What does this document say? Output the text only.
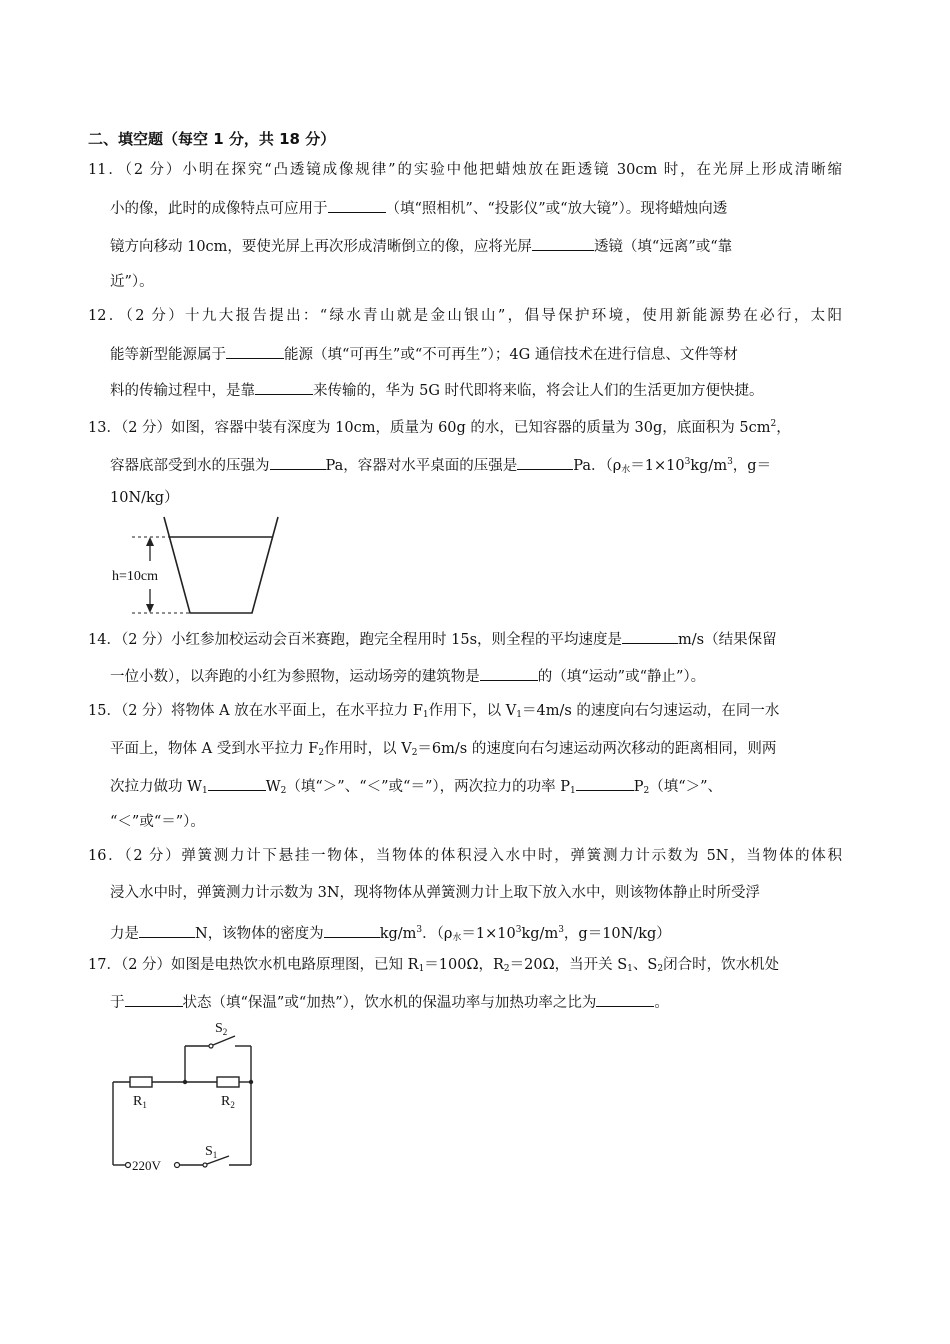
二、填空题（每空 1 分，共 18 分）
11．（2 分）小明在探究“凸透镜成像规律”的实验中他把蜡烛放在距透镜 30cm 时，在光屏上形成清晰缩
小的像，此时的成像特点可应用于	（填“照相机”、“投影仪”或“放大镜”）。现将蜡烛向透
镜方向移动 10cm，要使光屏上再次形成清晰倒立的像，应将光屏	透镜（填“远离”或“靠
近”）。
12．（2 分）十九大报告提出：“绿水青山就是金山银山”，倡导保护环境，使用新能源势在必行，太阳
能等新型能源属于	能源（填“可再生”或“不可再生”）；4G 通信技术在进行信息、文件等材
料的传输过程中，是靠	来传输的，华为 5G 时代即将来临，将会让人们的生活更加方便快捷。
13．（2 分）如图，容器中装有深度为 10cm，质量为 60g 的水，已知容器的质量为 30g，底面积为 $5cm^2$，
容器底部受到水的压强为	Pa，容器对水平桌面的压强是	Pa．（$\rho_水=1\times 10^3kg/m^3$，g＝
10N/kg）
h=10cm
14．（2 分）小红参加校运动会百米赛跑，跑完全程用时 15s，则全程的平均速度是	m/s（结果保留
一位小数），以奔跑的小红为参照物，运动场旁的建筑物是	的（填“运动”或“静止”）。
15．（2 分）将物体 A 放在水平面上，在水平拉力 $F_1$作用下，以 $V_1=4m/s$ 的速度向右匀速运动，在同一水
平面上，物体 A 受到水平拉力 $F_2$作用时，以 $V_2=6m/s$ 的速度向右匀速运动两次移动的距离相同，则两
次拉力做功 $W_1$	$W_2$（填“＞”、“＜”或“＝”），两次拉力的功率 $P_1$	$P_2$（填“＞”、
“＜”或“＝”）。
16．（2 分）弹簧测力计下悬挂一物体，当物体的体积浸入水中时，弹簧测力计示数为 5N，当物体的体积
浸入水中时，弹簧测力计示数为 3N，现将物体从弹簧测力计上取下放入水中，则该物体静止时所受浮
力是	N，该物体的密度为	$kg/m^3$．（$\rho_水=1\times 10^3kg/m^3$，g＝10N/kg）
17．（2 分）如图是电热饮水机电路原理图，已知 $R_1=100\Omega$，$R_2=20\Omega$，当开关 $S_1$、$S_2$闭合时，饮水机处
于	状态（填“保温”或“加热”），饮水机的保温功率与加热功率之比为	。
$S_2$
$R_1$	$R_2$
220V
$S_1$
